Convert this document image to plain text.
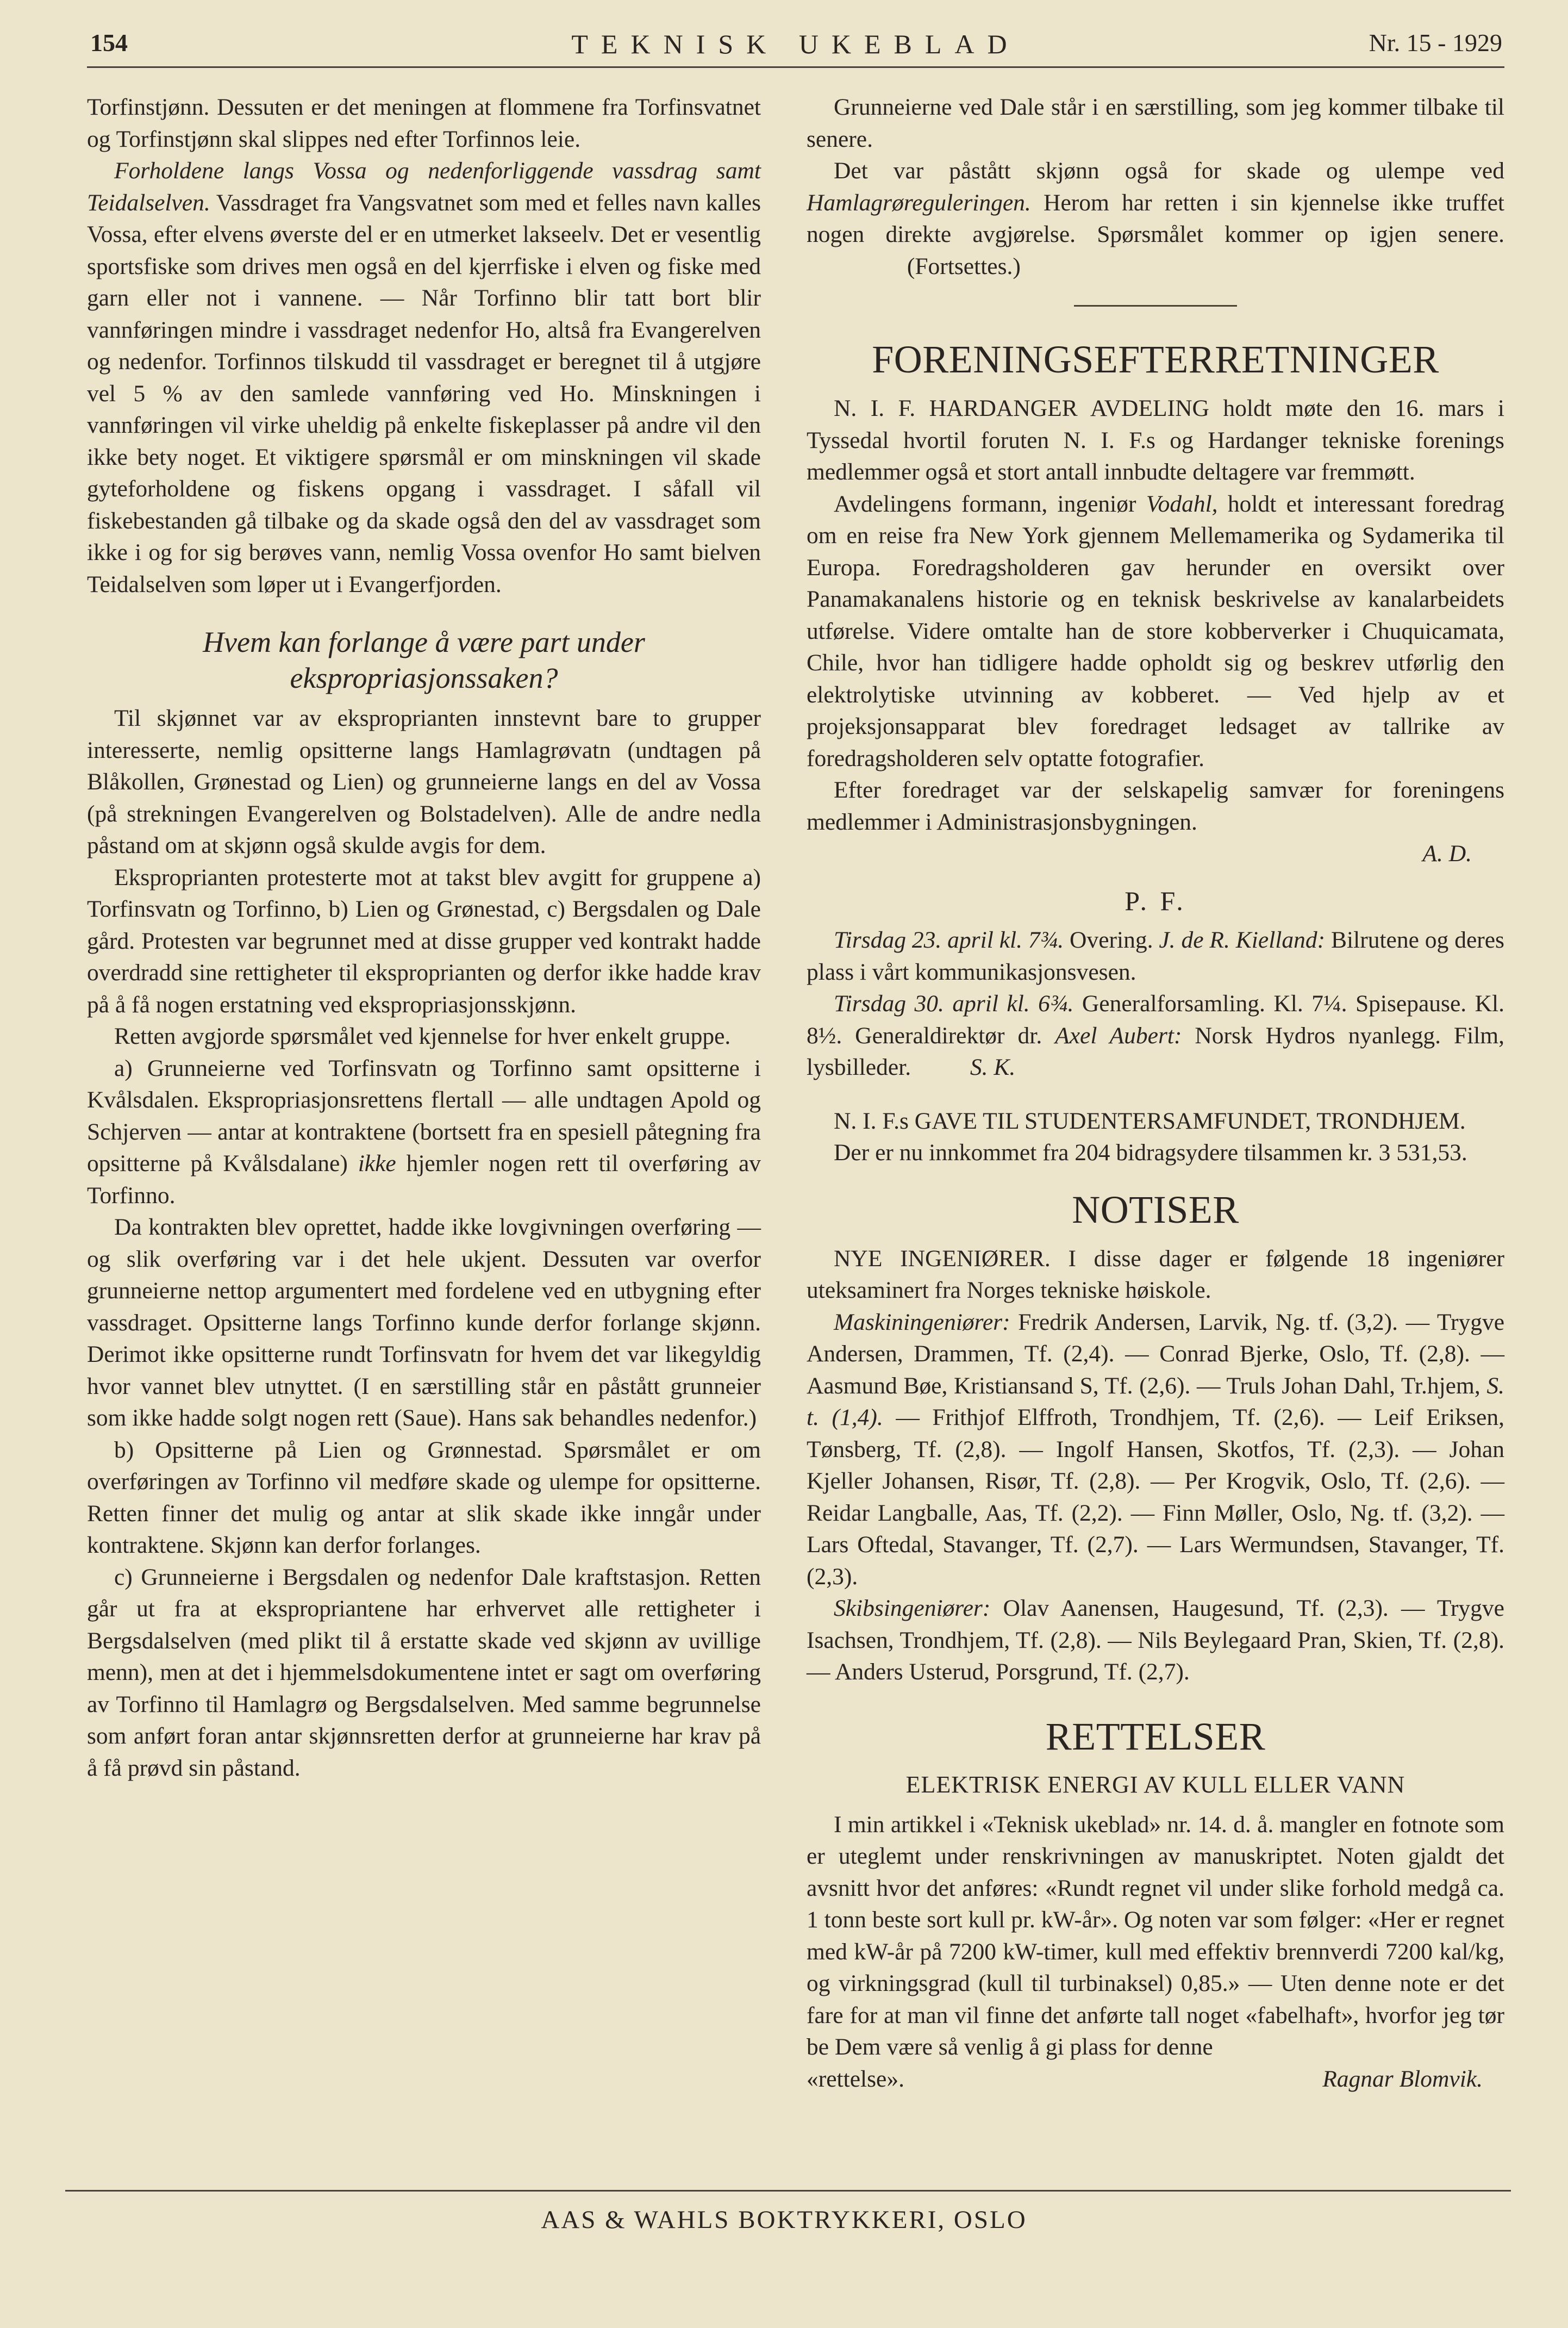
154	TEKNISK UKEBLAD	Nr. 15 - 1929

Torfinstjønn. Dessuten er det meningen at flommene fra Torfinsvatnet og Torfinstjønn skal slippes ned efter Torfinnos leie.

Forholdene langs Vossa og nedenforliggende vassdrag samt Teidalselven. Vassdraget fra Vangsvatnet som med et felles navn kalles Vossa, efter elvens øverste del er en utmerket lakseelv. Det er vesentlig sportsfiske som drives men også en del kjerrfiske i elven og fiske med garn eller not i vannene. — Når Torfinno blir tatt bort blir vannføringen mindre i vassdraget nedenfor Ho, altså fra Evangerelven og nedenfor. Torfinnos tilskudd til vassdraget er beregnet til å utgjøre vel 5 % av den samlede vannføring ved Ho. Minskningen i vannføringen vil virke uheldig på enkelte fiskeplasser på andre vil den ikke bety noget. Et viktigere spørsmål er om minskningen vil skade gyteforholdene og fiskens opgang i vassdraget. I såfall vil fiskebestanden gå tilbake og da skade også den del av vassdraget som ikke i og for sig berøves vann, nemlig Vossa ovenfor Ho samt bielven Teidalselven som løper ut i Evangerfjorden.

Hvem kan forlange å være part under
ekspropriasjonssaken?

Til skjønnet var av eksproprianten innstevnt bare to grupper interesserte, nemlig opsitterne langs Hamlagrøvatn (undtagen på Blåkollen, Grønestad og Lien) og grunneierne langs en del av Vossa (på strekningen Evangerelven og Bolstadelven). Alle de andre nedla påstand om at skjønn også skulde avgis for dem.

Eksproprianten protesterte mot at takst blev avgitt for gruppene a) Torfinsvatn og Torfinno, b) Lien og Grønestad, c) Bergsdalen og Dale gård. Protesten var begrunnet med at disse grupper ved kontrakt hadde overdradd sine rettigheter til eksproprianten og derfor ikke hadde krav på å få nogen erstatning ved ekspropriasjonsskjønn.

Retten avgjorde spørsmålet ved kjennelse for hver enkelt gruppe.

a) Grunneierne ved Torfinsvatn og Torfinno samt opsitterne i Kvålsdalen. Ekspropriasjonsrettens flertall — alle undtagen Apold og Schjerven — antar at kontraktene (bortsett fra en spesiell påtegning fra opsitterne på Kvålsdalane) ikke hjemler nogen rett til overføring av Torfinno.

Da kontrakten blev oprettet, hadde ikke lovgivningen overføring — og slik overføring var i det hele ukjent. Dessuten var overfor grunneierne nettop argumentert med fordelene ved en utbygning efter vassdraget. Opsitterne langs Torfinno kunde derfor forlange skjønn. Derimot ikke opsitterne rundt Torfinsvatn for hvem det var likegyldig hvor vannet blev utnyttet. (I en særstilling står en påstått grunneier som ikke hadde solgt nogen rett (Saue). Hans sak behandles nedenfor.)

b) Opsitterne på Lien og Grønnestad. Spørsmålet er om overføringen av Torfinno vil medføre skade og ulempe for opsitterne. Retten finner det mulig og antar at slik skade ikke inngår under kontraktene. Skjønn kan derfor forlanges.

c) Grunneierne i Bergsdalen og nedenfor Dale kraftstasjon. Retten går ut fra at ekspropriantene har erhvervet alle rettigheter i Bergsdalselven (med plikt til å erstatte skade ved skjønn av uvillige menn), men at det i hjemmelsdokumentene intet er sagt om overføring av Torfinno til Hamlagrø og Bergsdalselven. Med samme begrunnelse som anført foran antar skjønnsretten derfor at grunneierne har krav på å få prøvd sin påstand.

Grunneierne ved Dale står i en særstilling, som jeg kommer tilbake til senere.

Det var påstått skjønn også for skade og ulempe ved Hamlagrøreguleringen. Herom har retten i sin kjennelse ikke truffet nogen direkte avgjørelse. Spørsmålet kommer op igjen senere.                  (Fortsettes.)

FORENINGSEFTERRETNINGER

N. I. F. HARDANGER AVDELING holdt møte den 16. mars i Tyssedal hvortil foruten N. I. F.s og Hardanger tekniske forenings medlemmer også et stort antall innbudte deltagere var fremmøtt.

Avdelingens formann, ingeniør Vodahl, holdt et interessant foredrag om en reise fra New York gjennem Mellemamerika og Sydamerika til Europa. Foredragsholderen gav herunder en oversikt over Panamakanalens historie og en teknisk beskrivelse av kanalarbeidets utførelse. Videre omtalte han de store kobberverker i Chuquicamata, Chile, hvor han tidligere hadde opholdt sig og beskrev utførlig den elektrolytiske utvinning av kobberet. — Ved hjelp av et projeksjonsapparat blev foredraget ledsaget av tallrike av foredragsholderen selv optatte fotografier.

Efter foredraget var der selskapelig samvær for foreningens medlemmer i Administrasjonsbygningen.

A. D.
P. F.

Tirsdag 23. april kl. 7¾. Overing. J. de R. Kielland: Bilrutene og deres plass i vårt kommunikasjonsvesen.

Tirsdag 30. april kl. 6¾. Generalforsamling. Kl. 7¼. Spisepause. Kl. 8½. Generaldirektør dr. Axel Aubert: Norsk Hydros nyanlegg. Film, lysbilleder.	S. K.

N. I. F.s GAVE TIL STUDENTERSAMFUNDET, TRONDHJEM.

Der er nu innkommet fra 204 bidragsydere tilsammen kr. 3 531,53.

NOTISER

NYE INGENIØRER. I disse dager er følgende 18 ingeniører uteksaminert fra Norges tekniske høiskole.

Maskiningeniører: Fredrik Andersen, Larvik, Ng. tf. (3,2). — Trygve Andersen, Drammen, Tf. (2,4). — Conrad Bjerke, Oslo, Tf. (2,8). — Aasmund Bøe, Kristiansand S, Tf. (2,6). — Truls Johan Dahl, Tr.hjem, S. t. (1,4). — Frithjof Elffroth, Trondhjem, Tf. (2,6). — Leif Eriksen, Tønsberg, Tf. (2,8). — Ingolf Hansen, Skotfos, Tf. (2,3). — Johan Kjeller Johansen, Risør, Tf. (2,8). — Per Krogvik, Oslo, Tf. (2,6). — Reidar Langballe, Aas, Tf. (2,2). — Finn Møller, Oslo, Ng. tf. (3,2). — Lars Oftedal, Stavanger, Tf. (2,7). — Lars Wermundsen, Stavanger, Tf. (2,3).

Skibsingeniører: Olav Aanensen, Haugesund, Tf. (2,3). — Trygve Isachsen, Trondhjem, Tf. (2,8). — Nils Beylegaard Pran, Skien, Tf. (2,8). — Anders Usterud, Porsgrund, Tf. (2,7).

RETTELSER
ELEKTRISK ENERGI AV KULL ELLER VANN

I min artikkel i «Teknisk ukeblad» nr. 14. d. å. mangler en fotnote som er uteglemt under renskrivningen av manuskriptet. Noten gjaldt det avsnitt hvor det anføres: «Rundt regnet vil under slike forhold medgå ca. 1 tonn beste sort kull pr. kW-år». Og noten var som følger: «Her er regnet med kW-år på 7200 kW-timer, kull med effektiv brennverdi 7200 kal/kg, og virkningsgrad (kull til turbinaksel) 0,85.» — Uten denne note er det fare for at man vil finne det anførte tall noget «fabelhaft», hvorfor jeg tør be Dem være så venlig å gi plass for denne

«rettelse».	Ragnar Blomvik.
AAS & WAHLS BOKTRYKKERI, OSLO
